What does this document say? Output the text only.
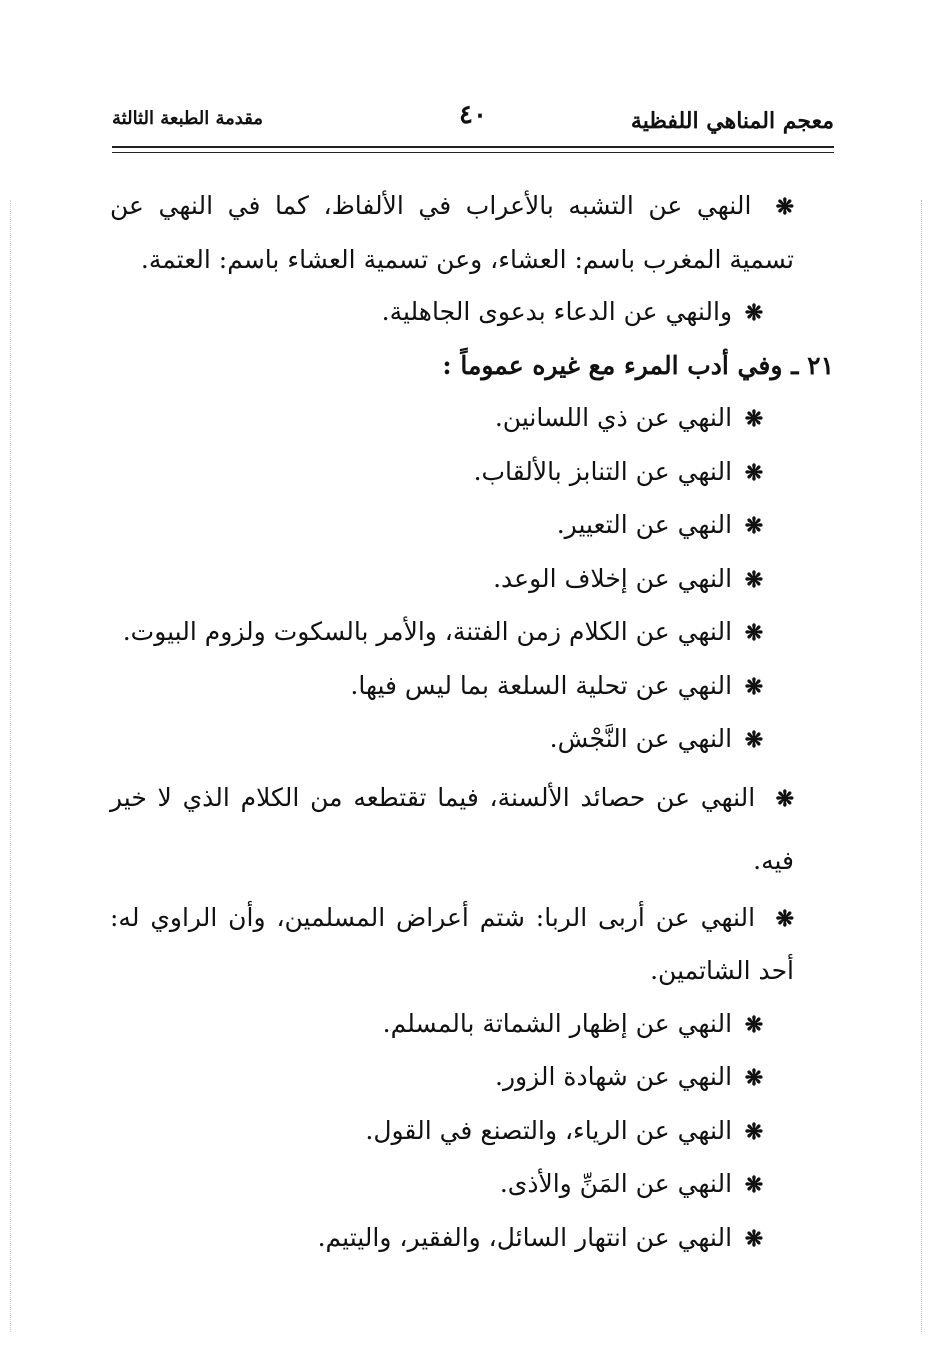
معجم المناهي اللفظية
٤٠
مقدمة الطبعة الثالثة

❋ النهي عن التشبه بالأعراب في الألفاظ، كما في النهي عن تسمية المغرب باسم: العشاء، وعن تسمية العشاء باسم: العتمة.

❋ والنهي عن الدعاء بدعوى الجاهلية.

٢١ ـ وفي أدب المرء مع غيره عموماً :

❋ النهي عن ذي اللسانين.

❋ النهي عن التنابز بالألقاب.

❋ النهي عن التعيير.

❋ النهي عن إخلاف الوعد.

❋ النهي عن الكلام زمن الفتنة، والأمر بالسكوت ولزوم البيوت.

❋ النهي عن تحلية السلعة بما ليس فيها.

❋ النهي عن النَّجْش.

❋ النهي عن حصائد الألسنة، فيما تقتطعه من الكلام الذي لا خير فيه.

❋ النهي عن أربى الربا: شتم أعراض المسلمين، وأن الراوي له: أحد الشاتمين.

❋ النهي عن إظهار الشماتة بالمسلم.

❋ النهي عن شهادة الزور.

❋ النهي عن الرياء، والتصنع في القول.

❋ النهي عن المَنِّ والأذى.

❋ النهي عن انتهار السائل، والفقير، واليتيم.
